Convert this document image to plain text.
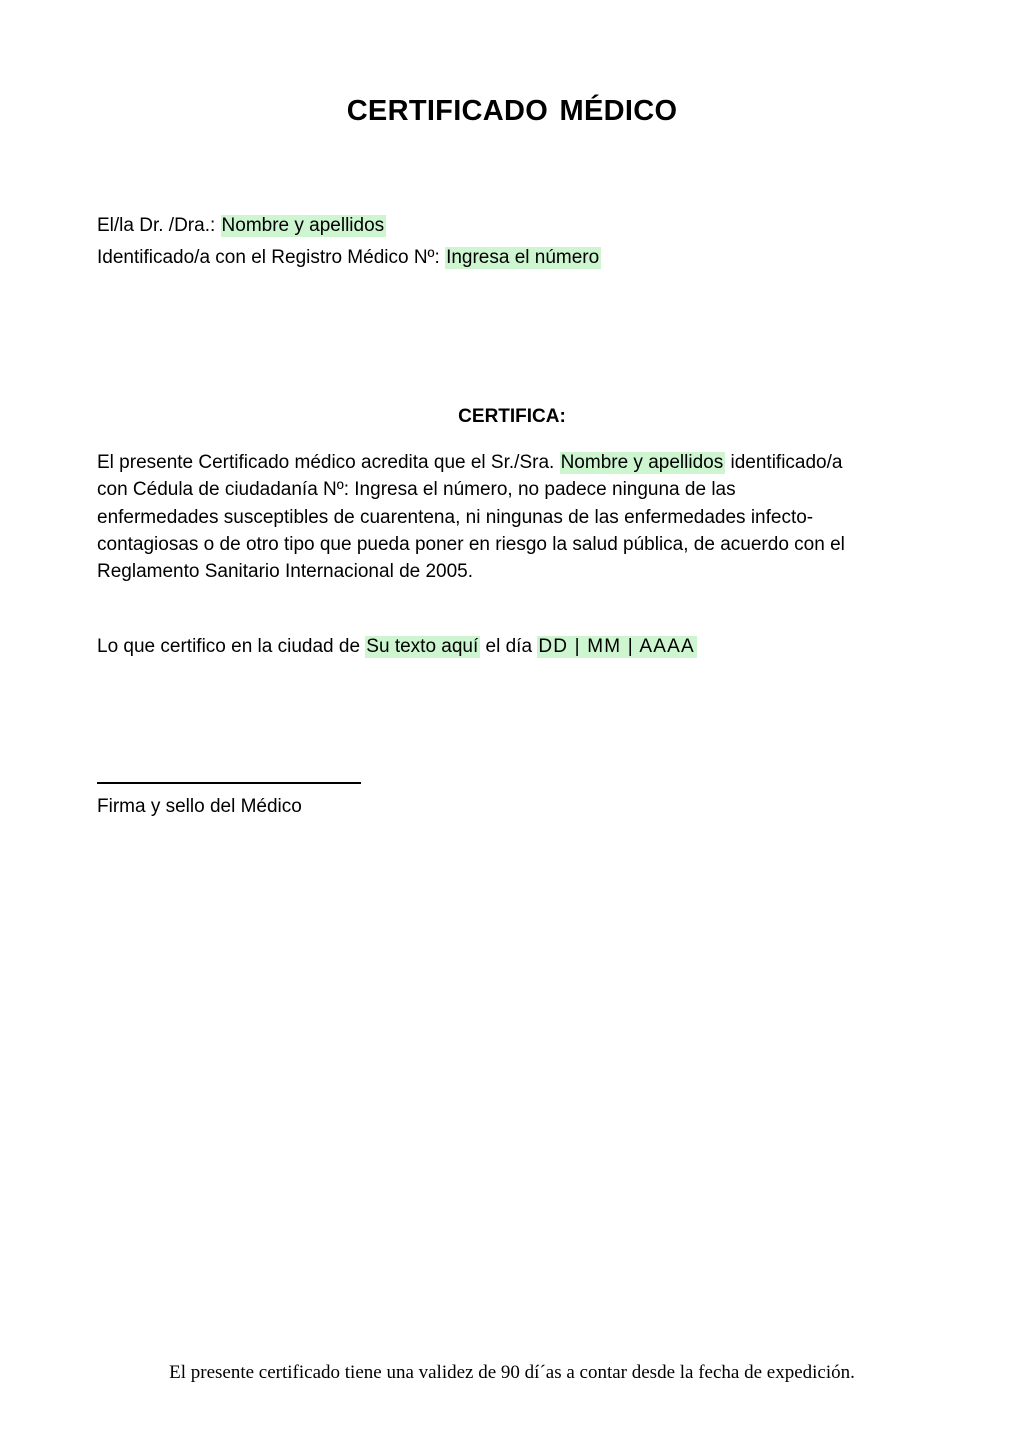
CERTIFICADO MÉDICO
El/la Dr. /Dra.: Nombre y apellidos
Identificado/a con el Registro Médico Nº: Ingresa el número
CERTIFICA:
El presente Certificado médico acredita que el Sr./Sra. Nombre y apellidos identificado/a
con Cédula de ciudadanía Nº: Ingresa el número, no padece ninguna de las
enfermedades susceptibles de cuarentena, ni ningunas de las enfermedades infecto-
contagiosas o de otro tipo que pueda poner en riesgo la salud pública, de acuerdo con el
Reglamento Sanitario Internacional de 2005.
Lo que certifico en la ciudad de Su texto aquí el día DD | MM | AAAA
Firma y sello del Médico
El presente certificado tiene una validez de 90 dí´as a contar desde la fecha de expedición.
